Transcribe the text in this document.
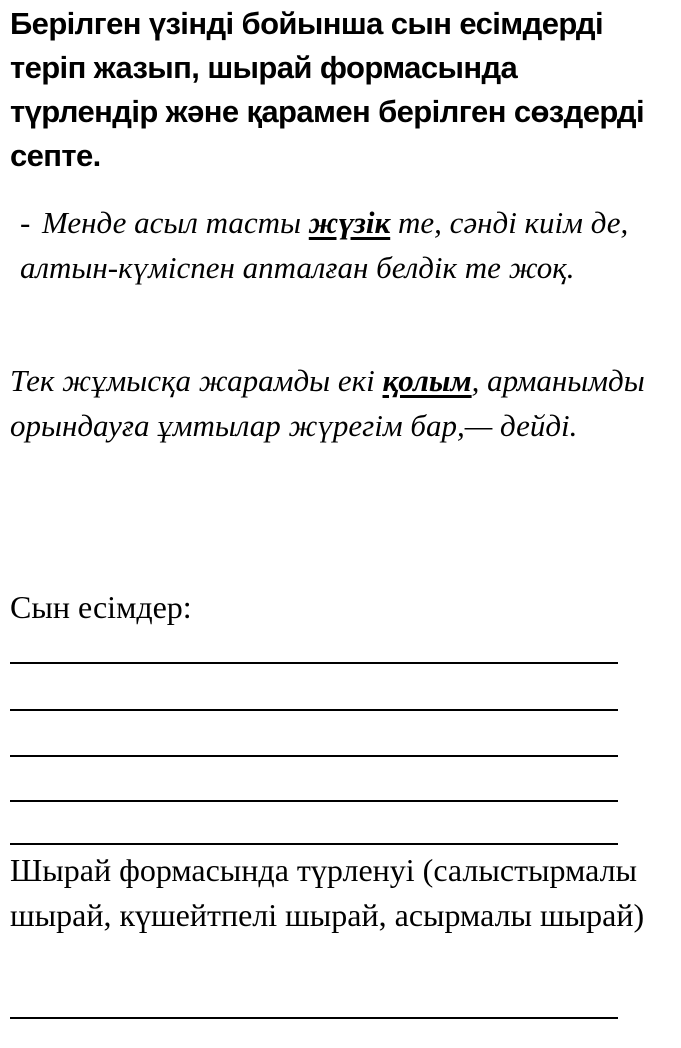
Берілген үзінді бойынша сын есімдерді теріп жазып, шырай формасында түрлендір және қарамен берілген сөздерді септе.

- Менде асыл тасты жүзік те, сәнді киім де, алтын-күміспен апталған белдік те жоқ.

Тек жұмысқа жарамды екі қолым, арманымды орындауға ұмтылар жүрегім бар,— дейді.

Сын есімдер:

Шырай формасында түрленуі (салыстырмалы шырай, күшейтпелі шырай, асырмалы шырай)
